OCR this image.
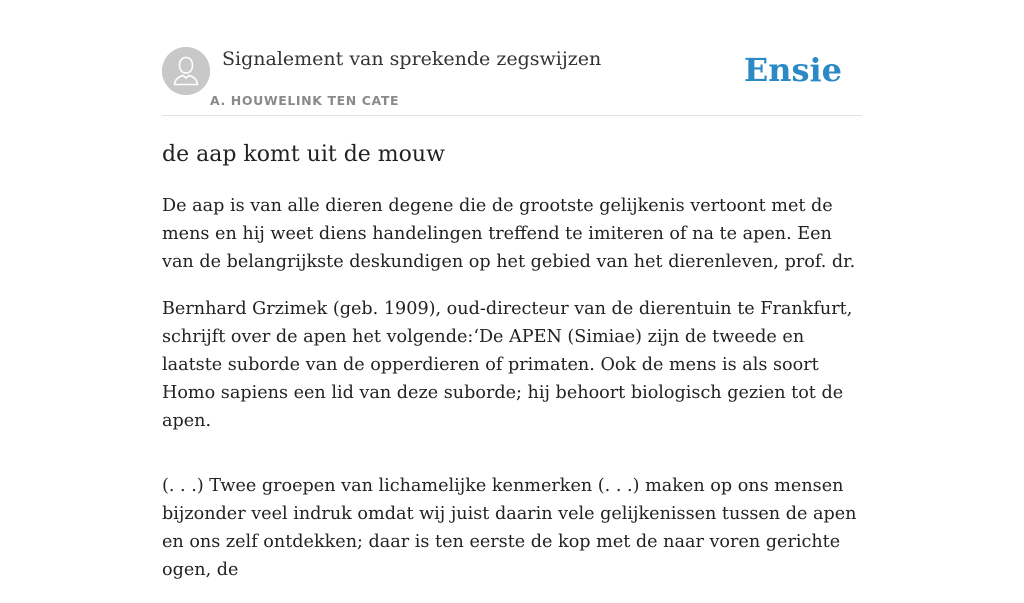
Signalement van sprekende zegswijzen
A. HOUWELINK TEN CATE
Ensie
de aap komt uit de mouw

De aap is van alle dieren degene die de grootste gelijkenis vertoont met de mens en hij weet diens handelingen treffend te imiteren of na te apen. Een van de belangrijkste deskundigen op het gebied van het dierenleven, prof. dr.

Bernhard Grzimek (geb. 1909), oud-directeur van de dierentuin te Frankfurt, schrijft over de apen het volgende:‘De APEN (Simiae) zijn de tweede en laatste suborde van de opperdieren of primaten. Ook de mens is als soort Homo sapiens een lid van deze suborde; hij behoort biologisch gezien tot de apen.

(. . .) Twee groepen van lichamelijke kenmerken (. . .) maken op ons mensen bijzonder veel indruk omdat wij juist daarin vele gelijkenissen tussen de apen en ons zelf ontdekken; daar is ten eerste de kop met de naar voren gerichte ogen, de
